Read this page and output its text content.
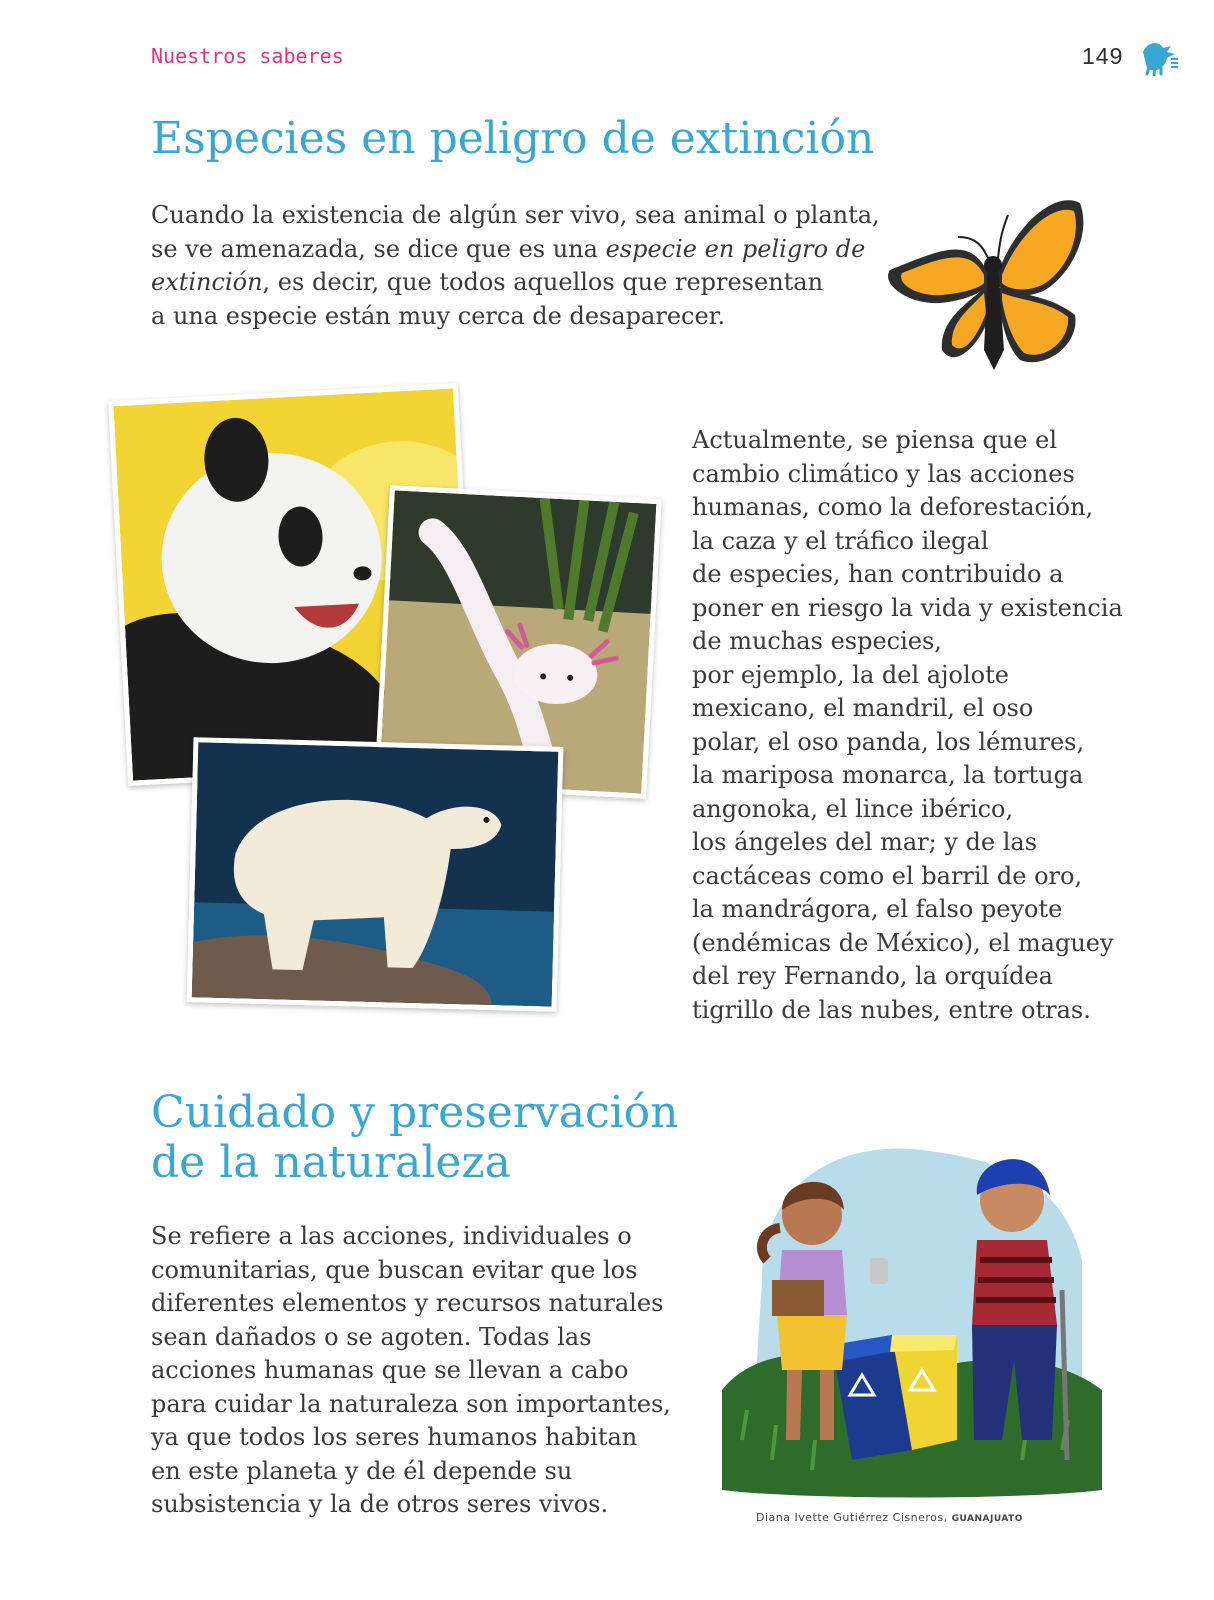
Nuestros saberes	149
Especies en peligro de extinción

Cuando la existencia de algún ser vivo, sea animal o planta,
se ve amenazada, se dice que es una especie en peligro de
extinción, es decir, que todos aquellos que representan
a una especie están muy cerca de desaparecer.

Actualmente, se piensa que el
cambio climático y las acciones
humanas, como la deforestación,
la caza y el tráfico ilegal
de especies, han contribuido a
poner en riesgo la vida y existencia
de muchas especies,
por ejemplo, la del ajolote
mexicano, el mandril, el oso
polar, el oso panda, los lémures,
la mariposa monarca, la tortuga
angonoka, el lince ibérico,
los ángeles del mar; y de las
cactáceas como el barril de oro,
la mandrágora, el falso peyote
(endémicas de México), el maguey
del rey Fernando, la orquídea
tigrillo de las nubes, entre otras.
Cuidado y preservación
de la naturaleza
Se refiere a las acciones, individuales o
comunitarias, que buscan evitar que los
diferentes elementos y recursos naturales
sean dañados o se agoten. Todas las
acciones humanas que se llevan a cabo
para cuidar la naturaleza son importantes,
ya que todos los seres humanos habitan
en este planeta y de él depende su
subsistencia y la de otros seres vivos.	Diana Ivette Gutiérrez Cisneros, GUANAJUATO
